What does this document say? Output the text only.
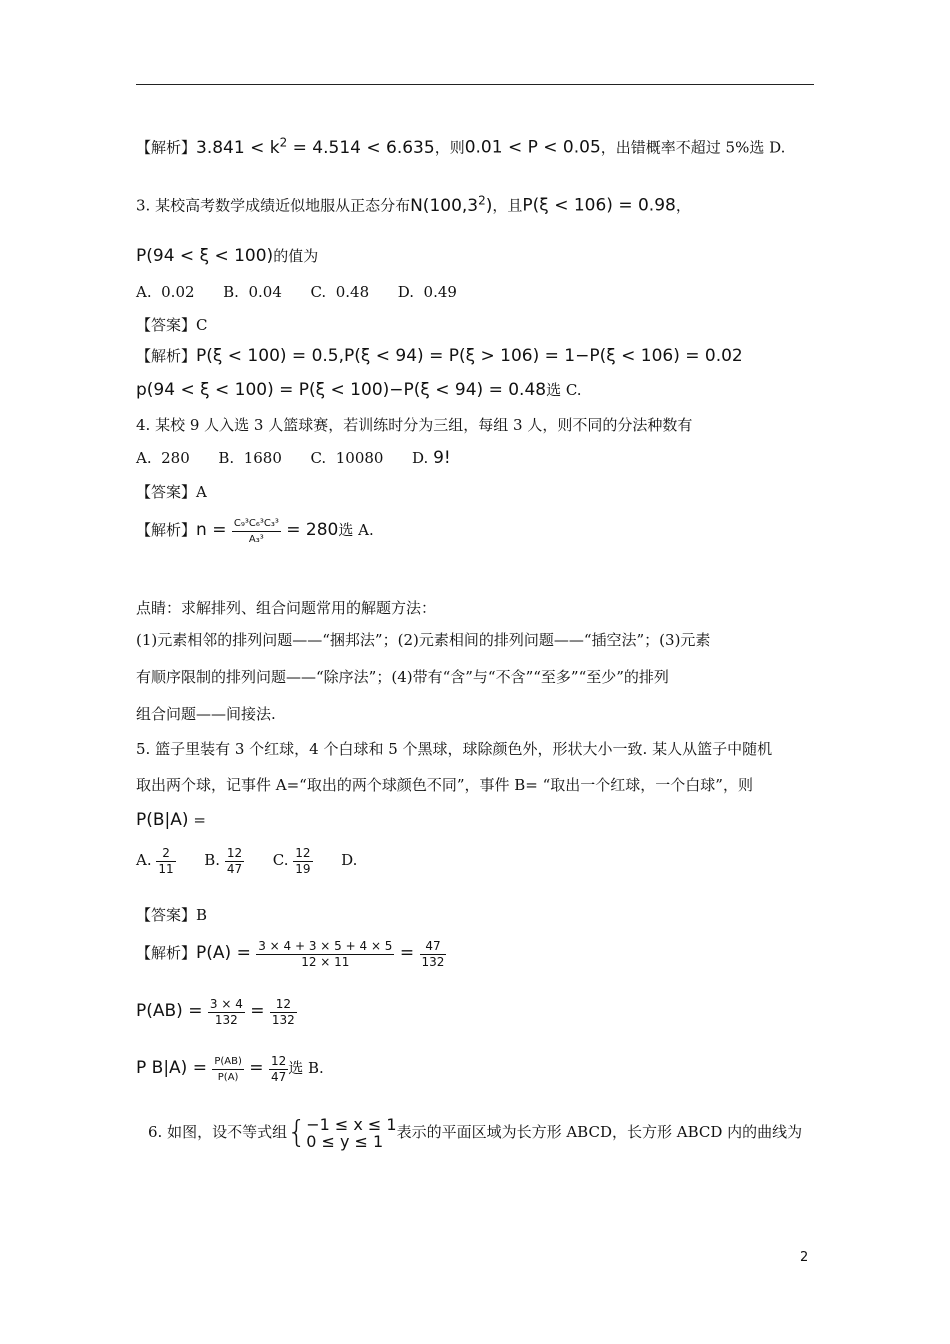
【解析】$3.841 < k^2 = 4.514 < 6.635$，则0.01 < P < 0.05，出错概率不超过 5%选 D.
3. 某校高考数学成绩近似地服从正态分布N(100,3$^2$)，且P(ξ < 106) = 0.98，
P(94 < ξ < 100)的值为
A.  0.02      B.  0.04      C.  0.48      D.  0.49
【答案】C
【解析】P(ξ < 100) = 0.5,P(ξ < 94) = P(ξ > 106) = 1−P(ξ < 106) = 0.02
p(94 < ξ < 100) = P(ξ < 100)−P(ξ < 94) = 0.48选 C.
4. 某校 9 人入选 3 人篮球赛，若训练时分为三组，每组 3 人，则不同的分法种数有
A.  280      B.  1680      C.  10080      D. 9!
【答案】A
【解析】$n = \frac{\text{C₉³C₆³C₃³}}{\text{A₃³}} = 280$选 A.
点睛：求解排列、组合问题常用的解题方法：
(1)元素相邻的排列问题——“捆邦法”；(2)元素相间的排列问题——“插空法”；(3)元素
有顺序限制的排列问题——“除序法”；(4)带有“含”与“不含”“至多”“至少”的排列
组合问题——间接法.
5. 篮子里装有 3 个红球，4 个白球和 5 个黑球，球除颜色外，形状大小一致. 某人从篮子中随机
取出两个球，记事件 A=“取出的两个球颜色不同”，事件 B= “取出一个红球，一个白球”，则
P(B|A) =
A. $\frac{2}{11} B$. $\frac{12}{47} C$. $\frac{12}{19} D$.
【答案】B
【解析】$P(A) = \frac{3 \times 4 + 3 \times 5 + 4 \times 5}{12 \times 11} = \frac{47}{132}$
$P(AB) = \frac{3 \times 4}{132} = \frac{12}{132}$
P $B|A) = \frac{P(AB)}{P(A)} = \frac{12}{47}$ 选 B.
6. 如图，设不等式组{ −1 ≤ x ≤ 1
0 ≤ y ≤ 1 表示的平面区域为长方形 ABCD，长方形 ABCD 内的曲线为
2
